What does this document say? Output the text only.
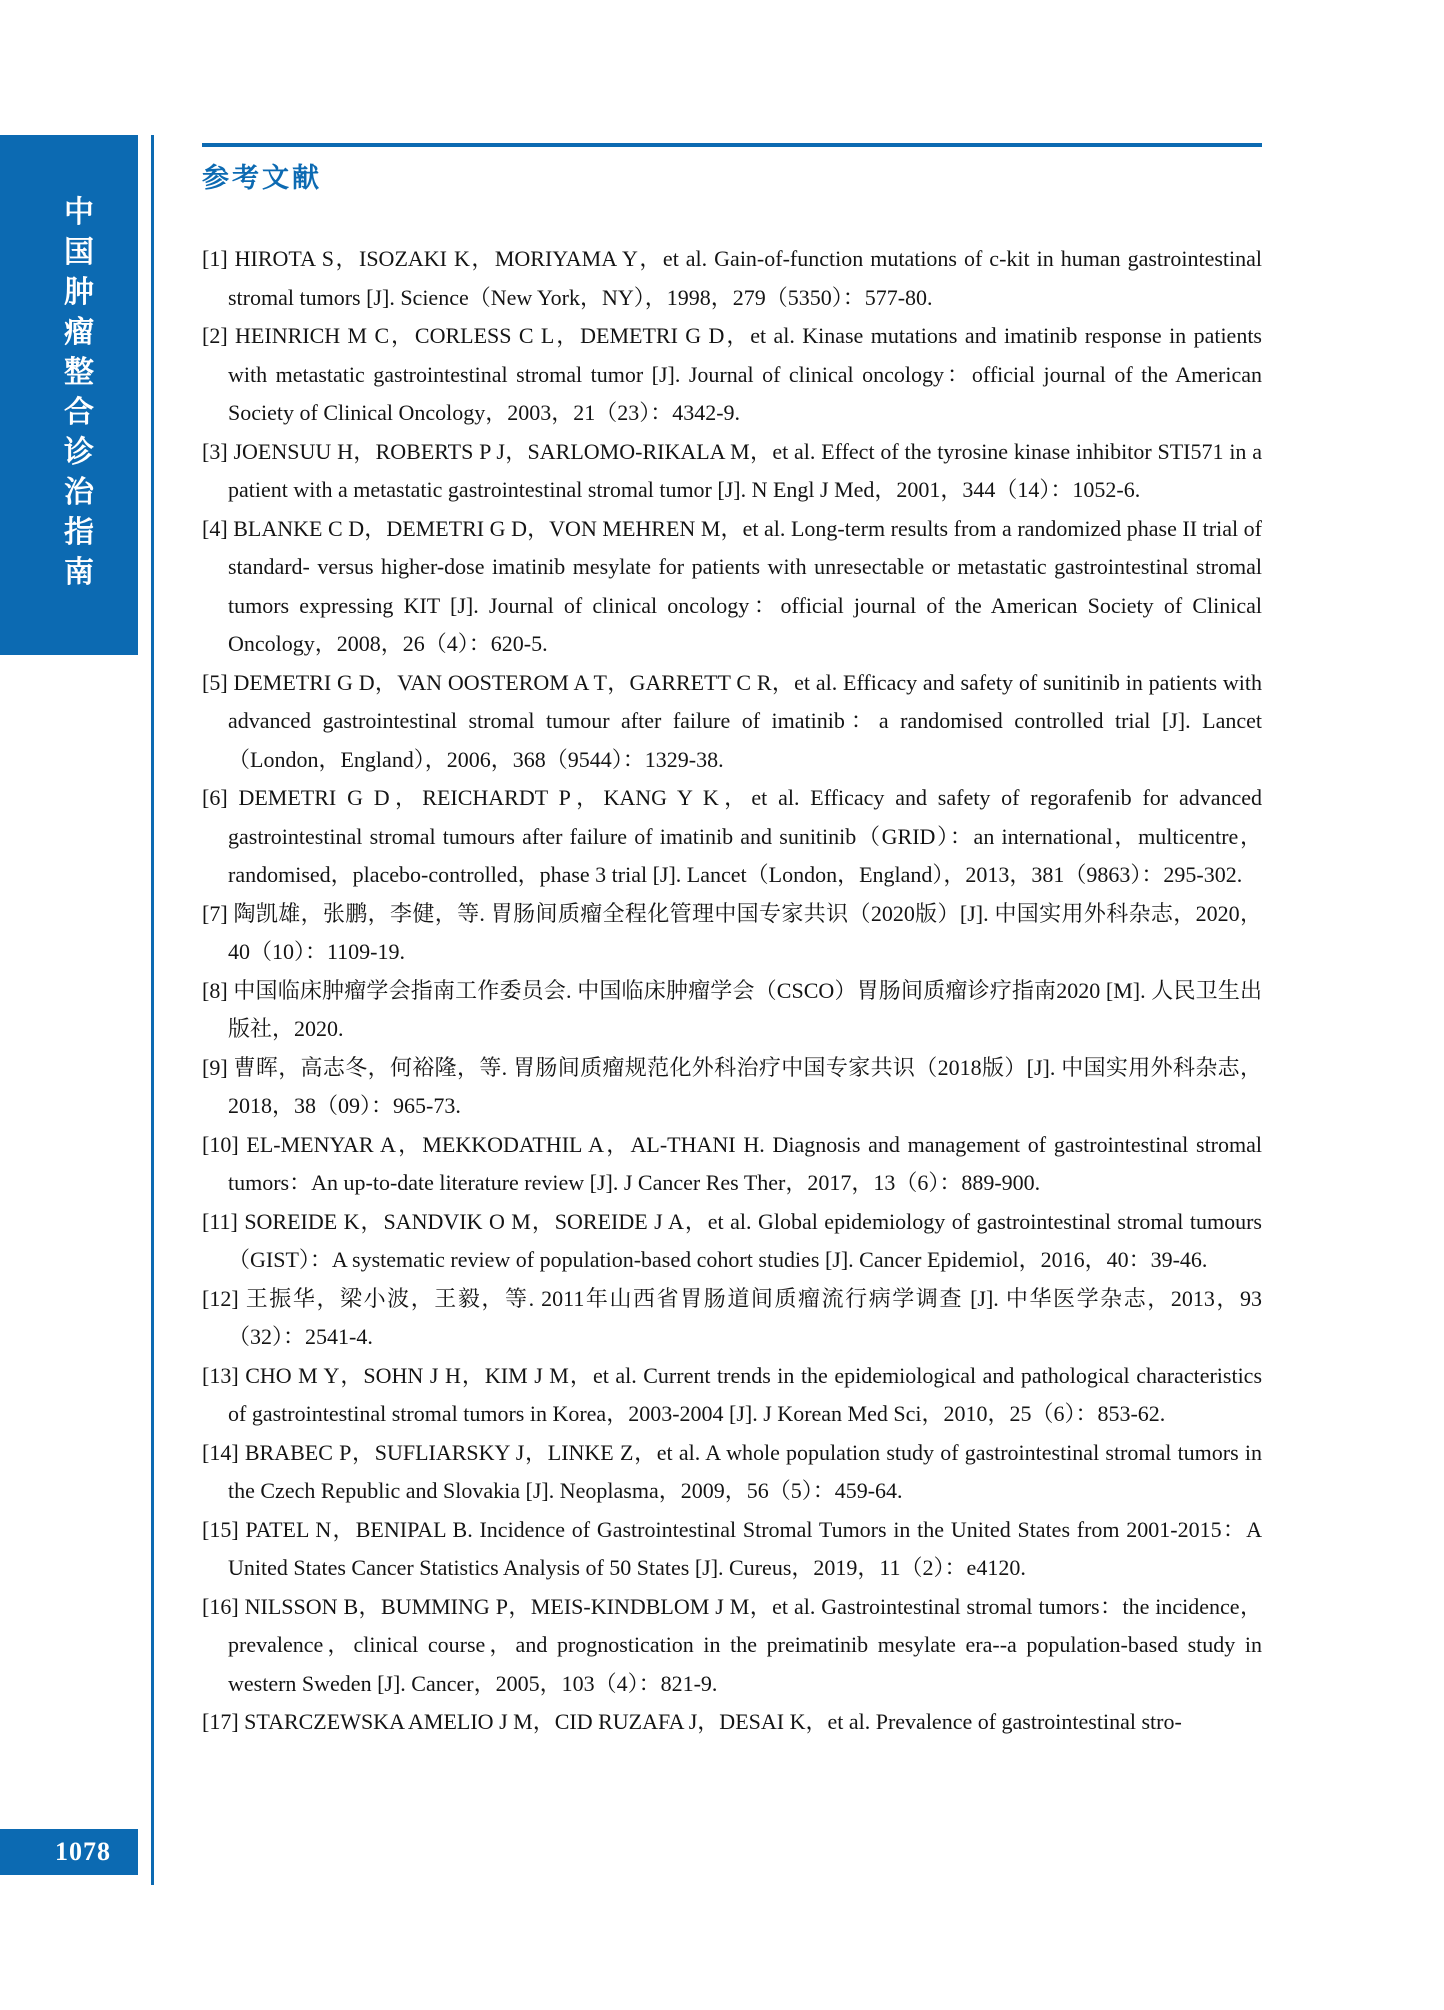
中
国
肿
瘤
整
合
诊
治
指
南
1078
参考文献
[1] HIROTA S，ISOZAKI K，MORIYAMA Y，et al. Gain-of-function mutations of c-kit in human gastrointestinal stromal tumors [J]. Science（New York，NY），1998，279（5350）：577-80.
[2] HEINRICH M C，CORLESS C L，DEMETRI G D，et al. Kinase mutations and imatinib response in patients with metastatic gastrointestinal stromal tumor [J]. Journal of clinical oncology：official journal of the American Society of Clinical Oncology，2003，21（23）：4342-9.
[3] JOENSUU H，ROBERTS P J，SARLOMO-RIKALA M，et al. Effect of the tyrosine kinase inhibitor STI571 in a patient with a metastatic gastrointestinal stromal tumor [J]. N Engl J Med，2001，344（14）：1052-6.
[4] BLANKE C D，DEMETRI G D，VON MEHREN M，et al. Long-term results from a randomized phase II trial of standard- versus higher-dose imatinib mesylate for patients with unresectable or metastatic gastrointestinal stromal tumors expressing KIT [J]. Journal of clinical oncology：official journal of the American Society of Clinical Oncology，2008，26（4）：620-5.
[5] DEMETRI G D，VAN OOSTEROM A T，GARRETT C R，et al. Efficacy and safety of sunitinib in patients with advanced gastrointestinal stromal tumour after failure of imatinib：a randomised controlled trial [J]. Lancet（London，England），2006，368（9544）：1329-38.
[6] DEMETRI G D，REICHARDT P，KANG Y K，et al. Efficacy and safety of regorafenib for advanced gastrointestinal stromal tumours after failure of imatinib and sunitinib（GRID）：an international，multicentre，randomised，placebo-controlled，phase 3 trial [J]. Lancet（London，England），2013，381（9863）：295-302.
[7] 陶凯雄，张鹏，李健，等. 胃肠间质瘤全程化管理中国专家共识（2020版）[J]. 中国实用外科杂志，2020，40（10）：1109-19.
[8] 中国临床肿瘤学会指南工作委员会. 中国临床肿瘤学会（CSCO）胃肠间质瘤诊疗指南2020 [M]. 人民卫生出版社，2020.
[9] 曹晖，高志冬，何裕隆，等. 胃肠间质瘤规范化外科治疗中国专家共识（2018版）[J]. 中国实用外科杂志，2018，38（09）：965-73.
[10] EL-MENYAR A，MEKKODATHIL A，AL-THANI H. Diagnosis and management of gastrointestinal stromal tumors：An up-to-date literature review [J]. J Cancer Res Ther，2017，13（6）：889-900.
[11] SOREIDE K，SANDVIK O M，SOREIDE J A，et al. Global epidemiology of gastrointestinal stromal tumours（GIST）：A systematic review of population-based cohort studies [J]. Cancer Epidemiol，2016，40：39-46.
[12] 王振华，梁小波，王毅，等. 2011年山西省胃肠道间质瘤流行病学调查 [J]. 中华医学杂志，2013，93（32）：2541-4.
[13] CHO M Y，SOHN J H，KIM J M，et al. Current trends in the epidemiological and pathological characteristics of gastrointestinal stromal tumors in Korea，2003-2004 [J]. J Korean Med Sci，2010，25（6）：853-62.
[14] BRABEC P，SUFLIARSKY J，LINKE Z，et al. A whole population study of gastrointestinal stromal tumors in the Czech Republic and Slovakia [J]. Neoplasma，2009，56（5）：459-64.
[15] PATEL N，BENIPAL B. Incidence of Gastrointestinal Stromal Tumors in the United States from 2001-2015：A United States Cancer Statistics Analysis of 50 States [J]. Cureus，2019，11（2）：e4120.
[16] NILSSON B，BUMMING P，MEIS-KINDBLOM J M，et al. Gastrointestinal stromal tumors：the incidence，prevalence，clinical course，and prognostication in the preimatinib mesylate era--a population-based study in western Sweden [J]. Cancer，2005，103（4）：821-9.
[17] STARCZEWSKA AMELIO J M，CID RUZAFA J，DESAI K，et al. Prevalence of gastrointestinal stro-
